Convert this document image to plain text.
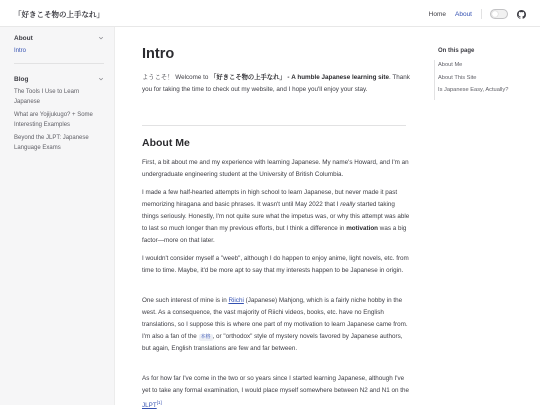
「好きこそ物の上手なれ」	Home About
About
Intro
Blog
The Tools I Use to Learn Japanese
What are Yojijukugo? + Some Interesting Examples
Beyond the JLPT: Japanese Language Exams
Intro
ようこそ！ Welcome to 「好きこそ物の上手なれ」 - A humble Japanese learning site. Thank you for taking the time to check out my website, and I hope you'll enjoy your stay.
About Me
First, a bit about me and my experience with learning Japanese. My name's Howard, and I'm an undergraduate engineering student at the University of British Columbia.
I made a few half-hearted attempts in high school to learn Japanese, but never made it past memorizing hiragana and basic phrases. It wasn't until May 2022 that I really started taking things seriously. Honestly, I'm not quite sure what the impetus was, or why this attempt was able to last so much longer than my previous efforts, but I think a difference in motivation was a big factor—more on that later.
I wouldn't consider myself a "weeb", although I do happen to enjoy anime, light novels, etc. from time to time. Maybe, it'd be more apt to say that my interests happen to be Japanese in origin.
One such interest of mine is in Riichi (Japanese) Mahjong, which is a fairly niche hobby in the west. As a consequence, the vast majority of Riichi videos, books, etc. have no English translations, so I suppose this is where one part of my motivation to learn Japanese came from. I'm also a fan of the 本格 , or "orthodox" style of mystery novels favored by Japanese authors, but again, English translations are few and far between.
As for how far I've come in the two or so years since I started learning Japanese, although I've yet to take any formal examination, I would place myself somewhere between N2 and N1 on the JLPT[1]
On this page
About Me
About This Site
Is Japanese Easy, Actually?
